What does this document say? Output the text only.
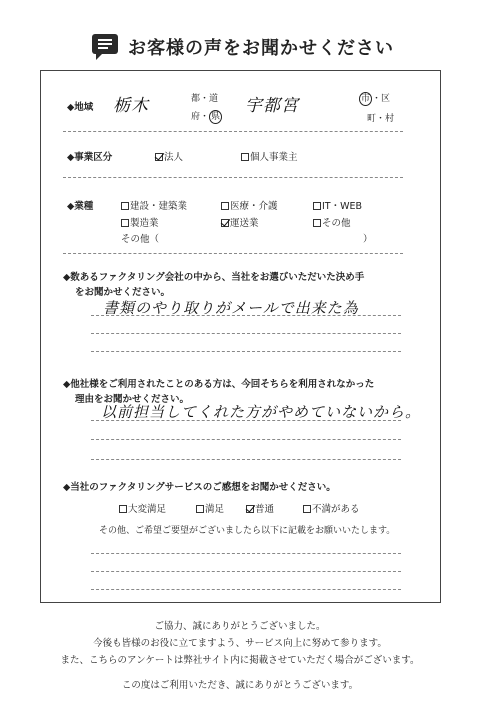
お客様の声をお聞かせください
◆地域 栃木	都・道
府・ 県
宇都宮	市 ・区
町・村
◆事業区分	法人	個人事業主
◆業種	建設・建築業	医療・介護	IT・WEB
製造業	運送業	その他
その他（	）
◆数あるファクタリング会社の中から、当社をお選びいただいた決め手
をお聞かせください。
書類のやり取りがメールで出来た為
◆他社様をご利用されたことのある方は、今回そちらを利用されなかった
理由をお聞かせください。
以前担当してくれた方がやめていないから。
◆当社のファクタリングサービスのご感想をお聞かせください。
大変満足	満足	普通	不満がある
その他、ご希望ご要望がございましたら以下に記載をお願いいたします。
ご協力、誠にありがとうございました。
今後も皆様のお役に立てますよう、サービス向上に努めて参ります。
また、こちらのアンケートは弊社サイト内に掲載させていただく場合がございます。
この度はご利用いただき、誠にありがとうございます。
